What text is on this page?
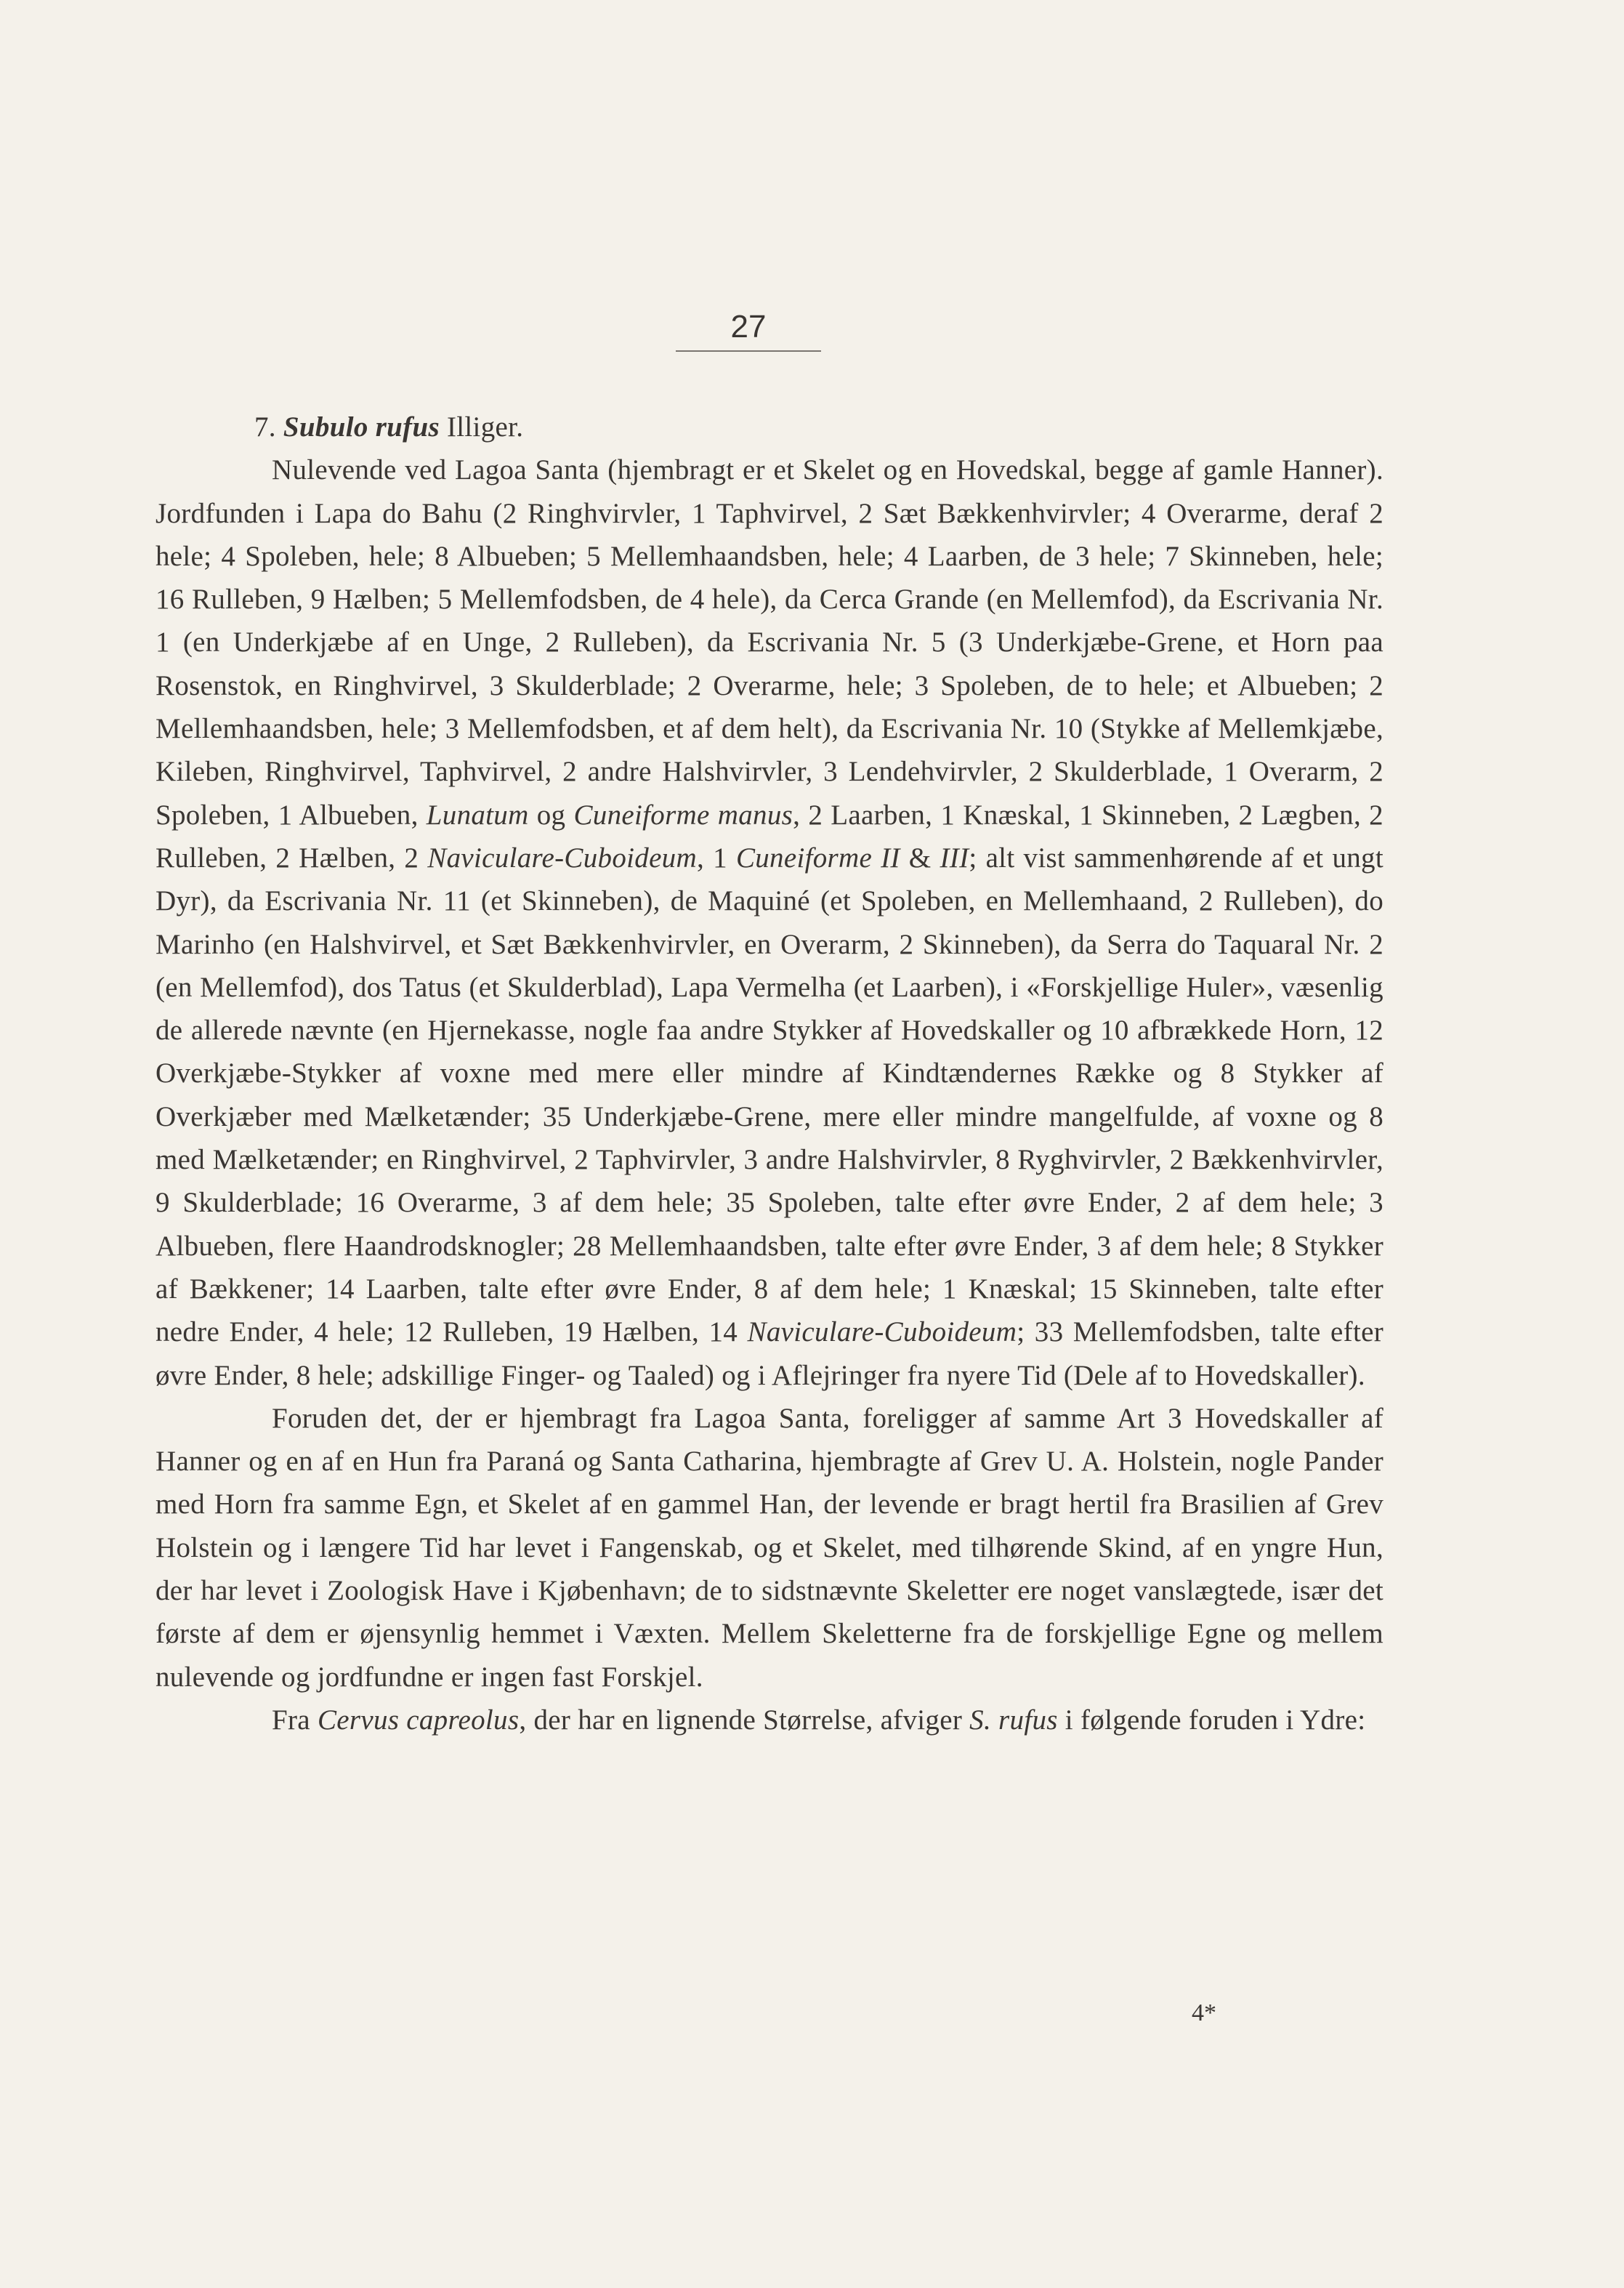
27

7. Subulo rufus Illiger.

Nulevende ved Lagoa Santa (hjembragt er et Skelet og en Hovedskal, begge af gamle Hanner). Jordfunden i Lapa do Bahu (2 Ringhvirvler, 1 Taphvirvel, 2 Sæt Bækkenhvirvler; 4 Overarme, deraf 2 hele; 4 Spoleben, hele; 8 Albueben; 5 Mellemhaandsben, hele; 4 Laarben, de 3 hele; 7 Skinneben, hele; 16 Rulleben, 9 Hælben; 5 Mellemfodsben, de 4 hele), da Cerca Grande (en Mellemfod), da Escrivania Nr. 1 (en Underkjæbe af en Unge, 2 Rulleben), da Escrivania Nr. 5 (3 Underkjæbe-Grene, et Horn paa Rosenstok, en Ringhvirvel, 3 Skulderblade; 2 Overarme, hele; 3 Spoleben, de to hele; et Albueben; 2 Mellemhaandsben, hele; 3 Mellemfodsben, et af dem helt), da Escrivania Nr. 10 (Stykke af Mellemkjæbe, Kileben, Ringhvirvel, Taphvirvel, 2 andre Halshvirvler, 3 Lendehvirvler, 2 Skulderblade, 1 Overarm, 2 Spoleben, 1 Albueben, Lunatum og Cuneiforme manus, 2 Laarben, 1 Knæskal, 1 Skinneben, 2 Lægben, 2 Rulleben, 2 Hælben, 2 Naviculare-Cuboideum, 1 Cuneiforme II & III; alt vist sammenhørende af et ungt Dyr), da Escrivania Nr. 11 (et Skinneben), de Maquiné (et Spoleben, en Mellemhaand, 2 Rulleben), do Marinho (en Halshvirvel, et Sæt Bækkenhvirvler, en Overarm, 2 Skinneben), da Serra do Taquaral Nr. 2 (en Mellemfod), dos Tatus (et Skulderblad), Lapa Vermelha (et Laarben), i «Forskjellige Huler», væsenlig de allerede nævnte (en Hjernekasse, nogle faa andre Stykker af Hovedskaller og 10 afbrækkede Horn, 12 Overkjæbe-Stykker af voxne med mere eller mindre af Kindtændernes Række og 8 Stykker af Overkjæber med Mælketænder; 35 Underkjæbe-Grene, mere eller mindre mangelfulde, af voxne og 8 med Mælketænder; en Ringhvirvel, 2 Taphvirvler, 3 andre Halshvirvler, 8 Ryghvirvler, 2 Bækkenhvirvler, 9 Skulderblade; 16 Overarme, 3 af dem hele; 35 Spoleben, talte efter øvre Ender, 2 af dem hele; 3 Albueben, flere Haandrodsknogler; 28 Mellemhaandsben, talte efter øvre Ender, 3 af dem hele; 8 Stykker af Bækkener; 14 Laarben, talte efter øvre Ender, 8 af dem hele; 1 Knæskal; 15 Skinneben, talte efter nedre Ender, 4 hele; 12 Rulleben, 19 Hælben, 14 Naviculare-Cuboideum; 33 Mellemfodsben, talte efter øvre Ender, 8 hele; adskillige Finger- og Taaled) og i Aflejringer fra nyere Tid (Dele af to Hovedskaller).

Foruden det, der er hjembragt fra Lagoa Santa, foreligger af samme Art 3 Hovedskaller af Hanner og en af en Hun fra Paraná og Santa Catharina, hjembragte af Grev U. A. Holstein, nogle Pander med Horn fra samme Egn, et Skelet af en gammel Han, der levende er bragt hertil fra Brasilien af Grev Holstein og i længere Tid har levet i Fangenskab, og et Skelet, med tilhørende Skind, af en yngre Hun, der har levet i Zoologisk Have i Kjøbenhavn; de to sidstnævnte Skeletter ere noget vanslægtede, især det første af dem er øjensynlig hemmet i Væxten. Mellem Skeletterne fra de forskjellige Egne og mellem nulevende og jordfundne er ingen fast Forskjel.

Fra Cervus capreolus, der har en lignende Størrelse, afviger S. rufus i følgende foruden i Ydre:

4*
